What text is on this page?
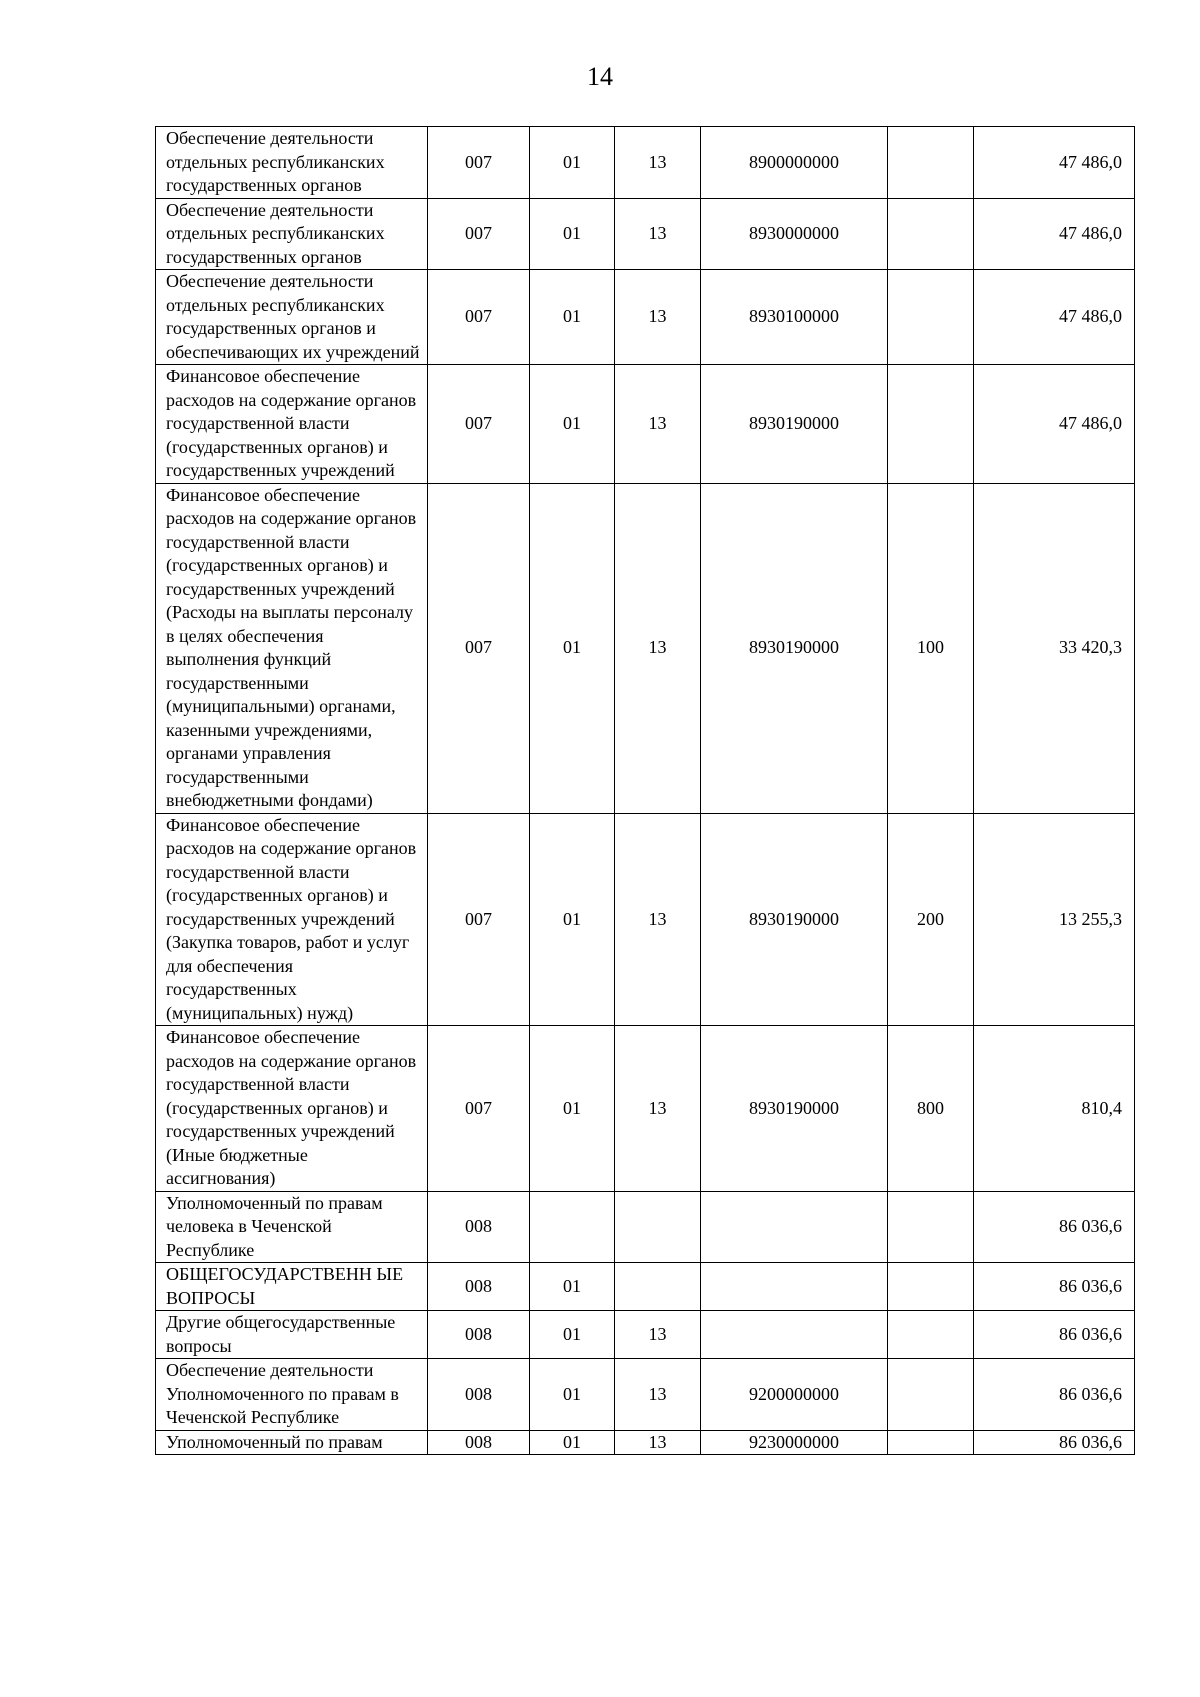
14
Обеспечение деятельности отдельных республиканских государственных органов	007	01	13	8900000000		47 486,0
Обеспечение деятельности отдельных республиканских государственных органов	007	01	13	8930000000		47 486,0
Обеспечение деятельности отдельных республиканских государственных органов и обеспечивающих их учреждений	007	01	13	8930100000		47 486,0
Финансовое обеспечение расходов на содержание органов государственной власти (государственных органов) и государственных учреждений	007	01	13	8930190000		47 486,0
Финансовое обеспечение расходов на содержание органов государственной власти (государственных органов) и государственных учреждений (Расходы на выплаты персоналу в целях обеспечения выполнения функций государственными (муниципальными) органами, казенными учреждениями, органами управления государственными внебюджетными фондами)	007	01	13	8930190000	100	33 420,3
Финансовое обеспечение расходов на содержание органов государственной власти (государственных органов) и государственных учреждений (Закупка товаров, работ и услуг для обеспечения государственных (муниципальных) нужд)	007	01	13	8930190000	200	13 255,3
Финансовое обеспечение расходов на содержание органов государственной власти (государственных органов) и государственных учреждений (Иные бюджетные ассигнования)	007	01	13	8930190000	800	810,4
Уполномоченный по правам человека в Чеченской Республике	008					86 036,6
ОБЩЕГОСУДАРСТВЕНН ЫЕ ВОПРОСЫ	008	01				86 036,6
Другие общегосударственные вопросы	008	01	13			86 036,6
Обеспечение деятельности Уполномоченного по правам в Чеченской Республике	008	01	13	9200000000		86 036,6
Уполномоченный по правам	008	01	13	9230000000		86 036,6
